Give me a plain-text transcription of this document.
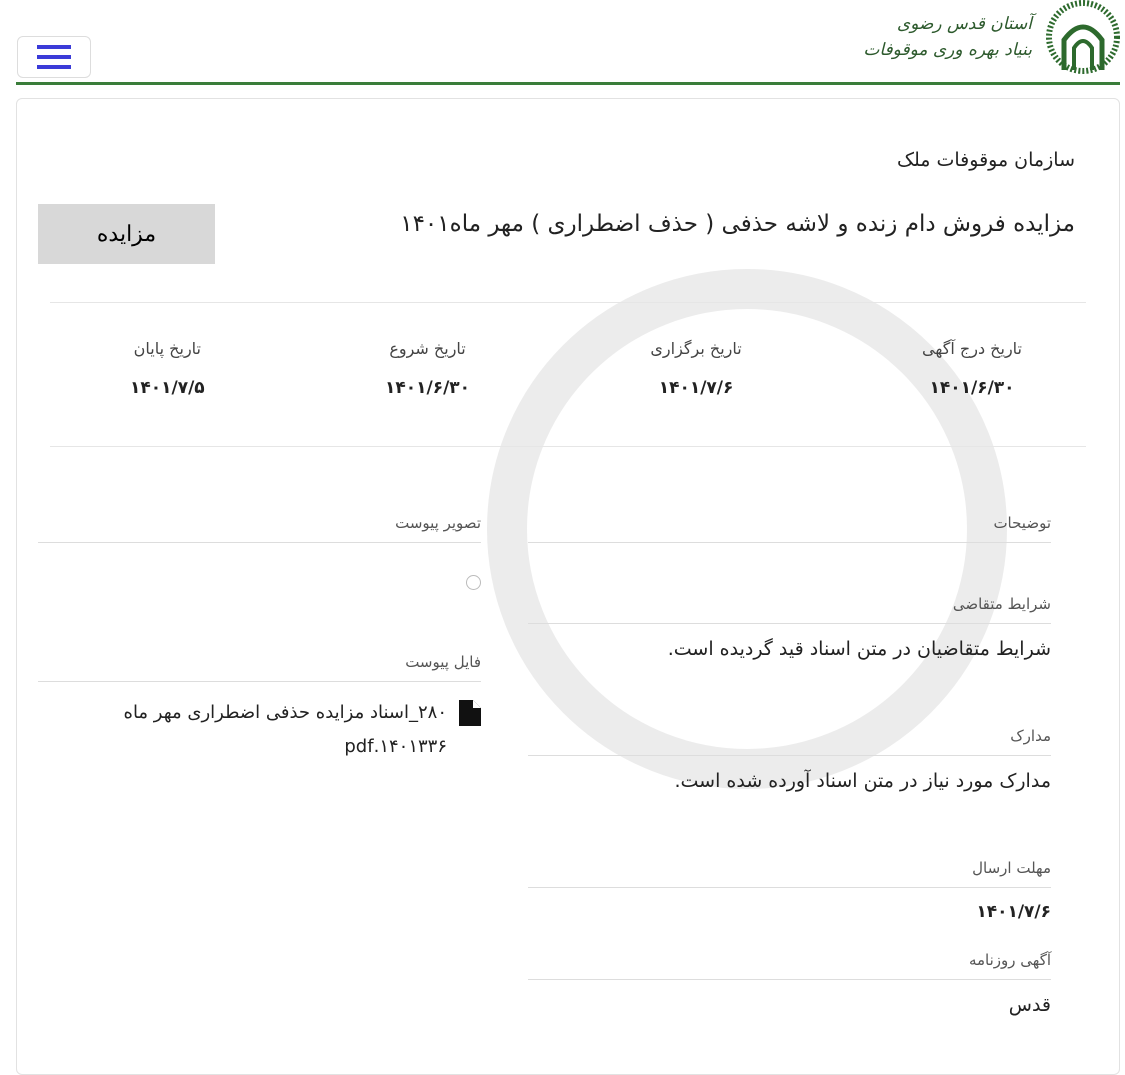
آستان قدس رضوی
بنیاد بهره وری موقوفات
سازمان موقوفات ملک
مزایده فروش دام زنده و لاشه حذفی ( حذف اضطراری ) مهر ماه۱۴۰۱
مزایده
تاریخ درج آگهی
۱۴۰۱/۶/۳۰
تاریخ برگزاری
۱۴۰۱/۷/۶
تاریخ شروع
۱۴۰۱/۶/۳۰
تاریخ پایان
۱۴۰۱/۷/۵
توضیحات
شرایط متقاضی
شرایط متقاضیان در متن اسناد قید گردیده است.
مدارک
مدارک مورد نیاز در متن اسناد آورده شده است.
مهلت ارسال
۱۴۰۱/۷/۶
آگهی روزنامه
قدس
تصویر پیوست
فایل پیوست
۲۸۰_اسناد مزایده حذفی اضطراری مهر ماه ۱۴۰۱۳۳۶.pdf
